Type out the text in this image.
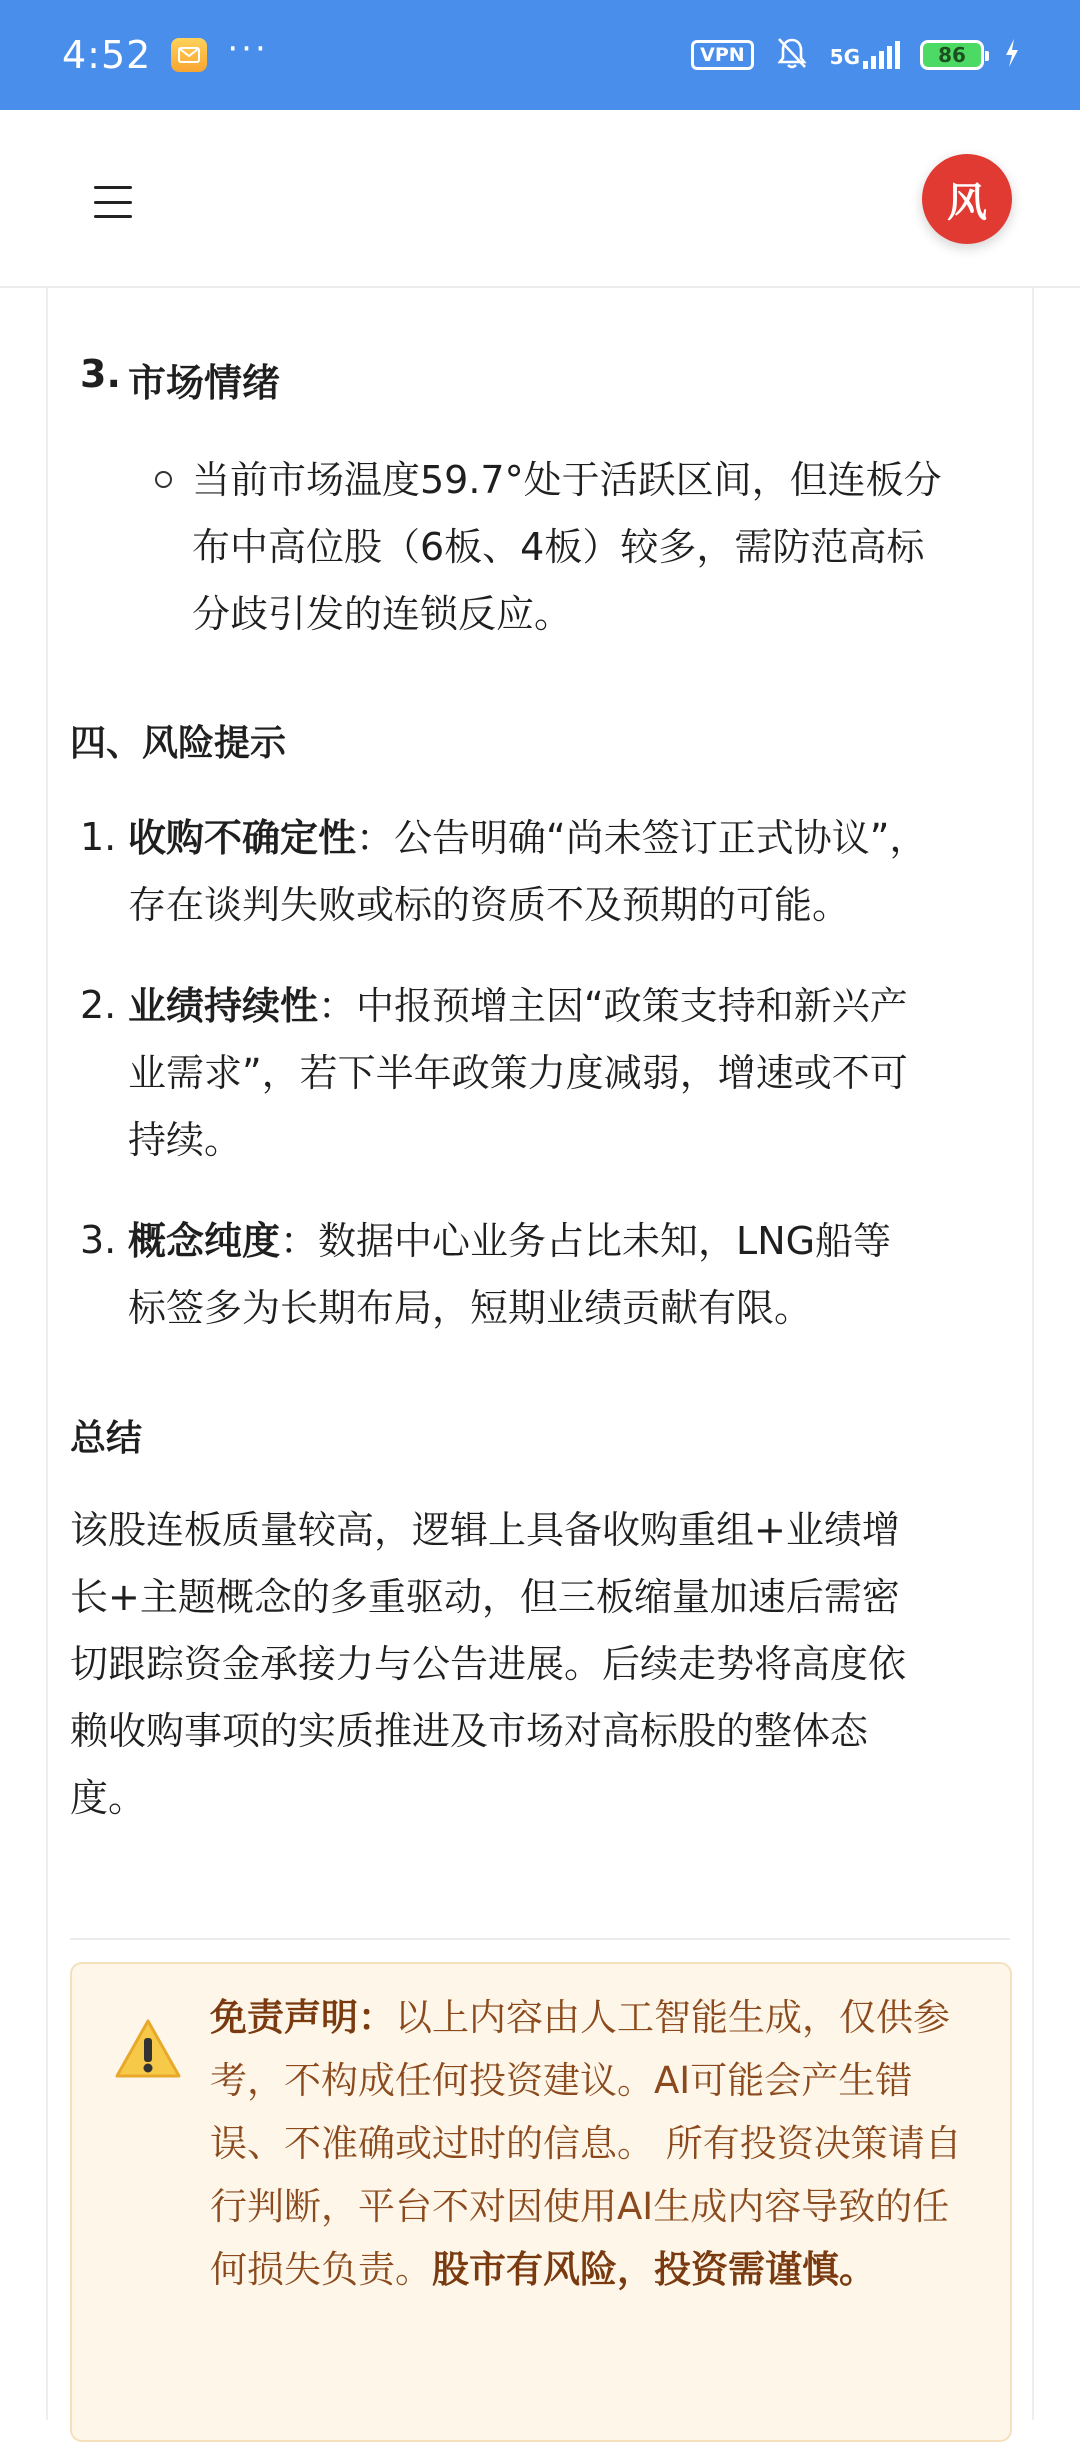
4:52 ···	VPN	5G	86
3. 市场情绪
当前市场温度59.7°处于活跃区间，但连板分
布中高位股（6板、4板）较多，需防范高标
分歧引发的连锁反应。
四、风险提示
1. 收购不确定性：公告明确“尚未签订正式协议”，
存在谈判失败或标的资质不及预期的可能。
2. 业绩持续性：中报预增主因“政策支持和新兴产
业需求”，若下半年政策力度减弱，增速或不可
持续。
3. 概念纯度：数据中心业务占比未知，LNG船等
标签多为长期布局，短期业绩贡献有限。
总结
该股连板质量较高，逻辑上具备收购重组+业绩增
长+主题概念的多重驱动，但三板缩量加速后需密
切跟踪资金承接力与公告进展。后续走势将高度依
赖收购事项的实质推进及市场对高标股的整体态
度。
免责声明：以上内容由人工智能生成，仅供参考，不构成任何投资建议。AI可能会产生错误、不准确或过时的信息。 所有投资决策请自行判断，平台不对因使用AI生成内容导致的任何损失负责。股市有风险，投资需谨慎。
风
